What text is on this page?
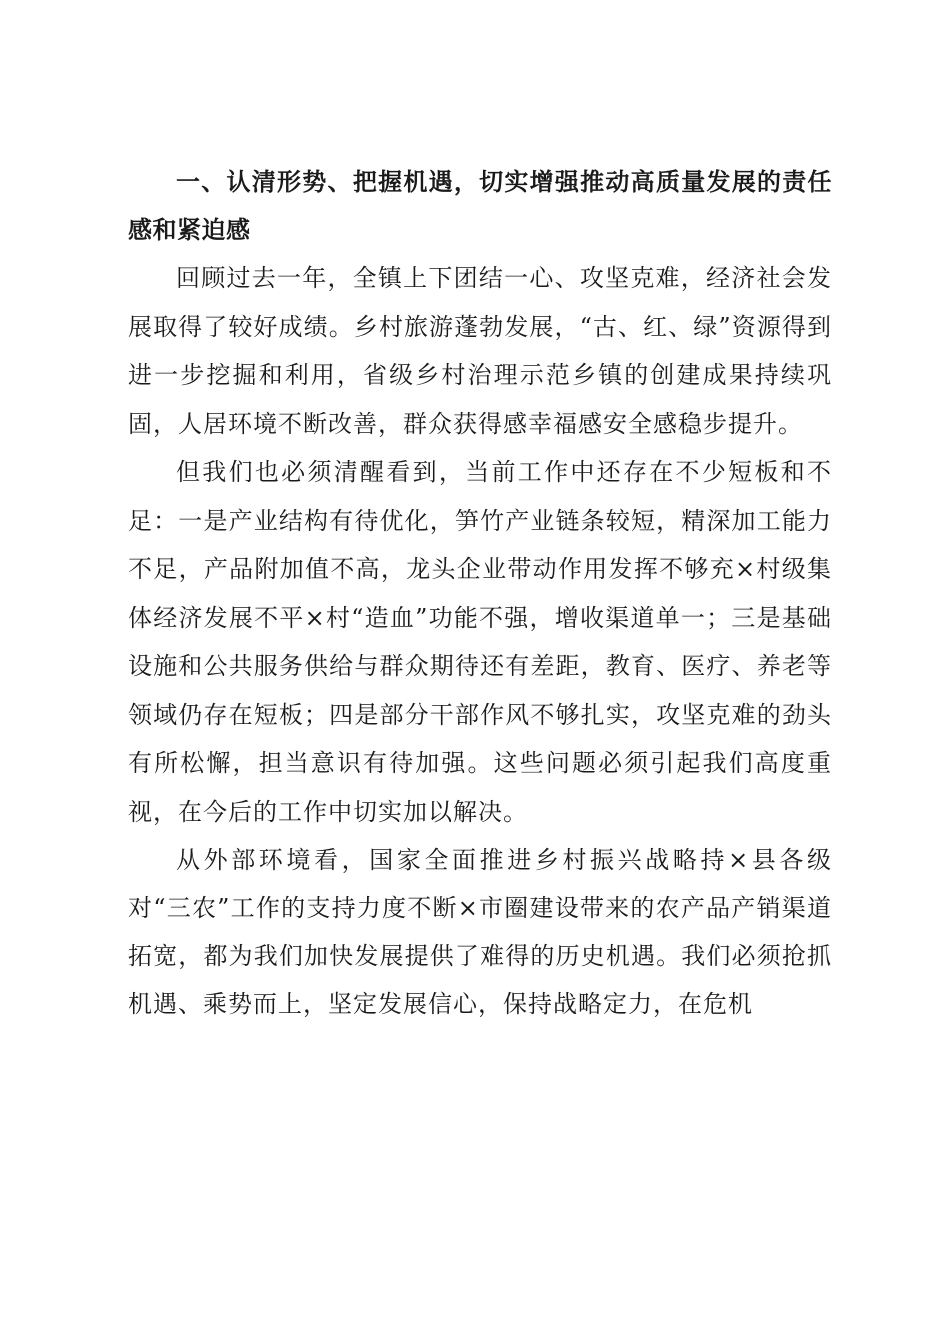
一、认清形势、把握机遇，切实增强推动高质量发展的责任感和紧迫感

回顾过去一年，全镇上下团结一心、攻坚克难，经济社会发展取得了较好成绩。乡村旅游蓬勃发展，“古、红、绿”资源得到进一步挖掘和利用，省级乡村治理示范乡镇的创建成果持续巩固，人居环境不断改善，群众获得感幸福感安全感稳步提升。

但我们也必须清醒看到，当前工作中还存在不少短板和不足：一是产业结构有待优化，笋竹产业链条较短，精深加工能力不足，产品附加值不高，龙头企业带动作用发挥不够充×村级集体经济发展不平×村“造血”功能不强，增收渠道单一；三是基础设施和公共服务供给与群众期待还有差距，教育、医疗、养老等领域仍存在短板；四是部分干部作风不够扎实，攻坚克难的劲头有所松懈，担当意识有待加强。这些问题必须引起我们高度重视，在今后的工作中切实加以解决。

从外部环境看，国家全面推进乡村振兴战略持×县各级对“三农”工作的支持力度不断×市圈建设带来的农产品产销渠道拓宽，都为我们加快发展提供了难得的历史机遇。我们必须抢抓机遇、乘势而上，坚定发展信心，保持战略定力，在危机
